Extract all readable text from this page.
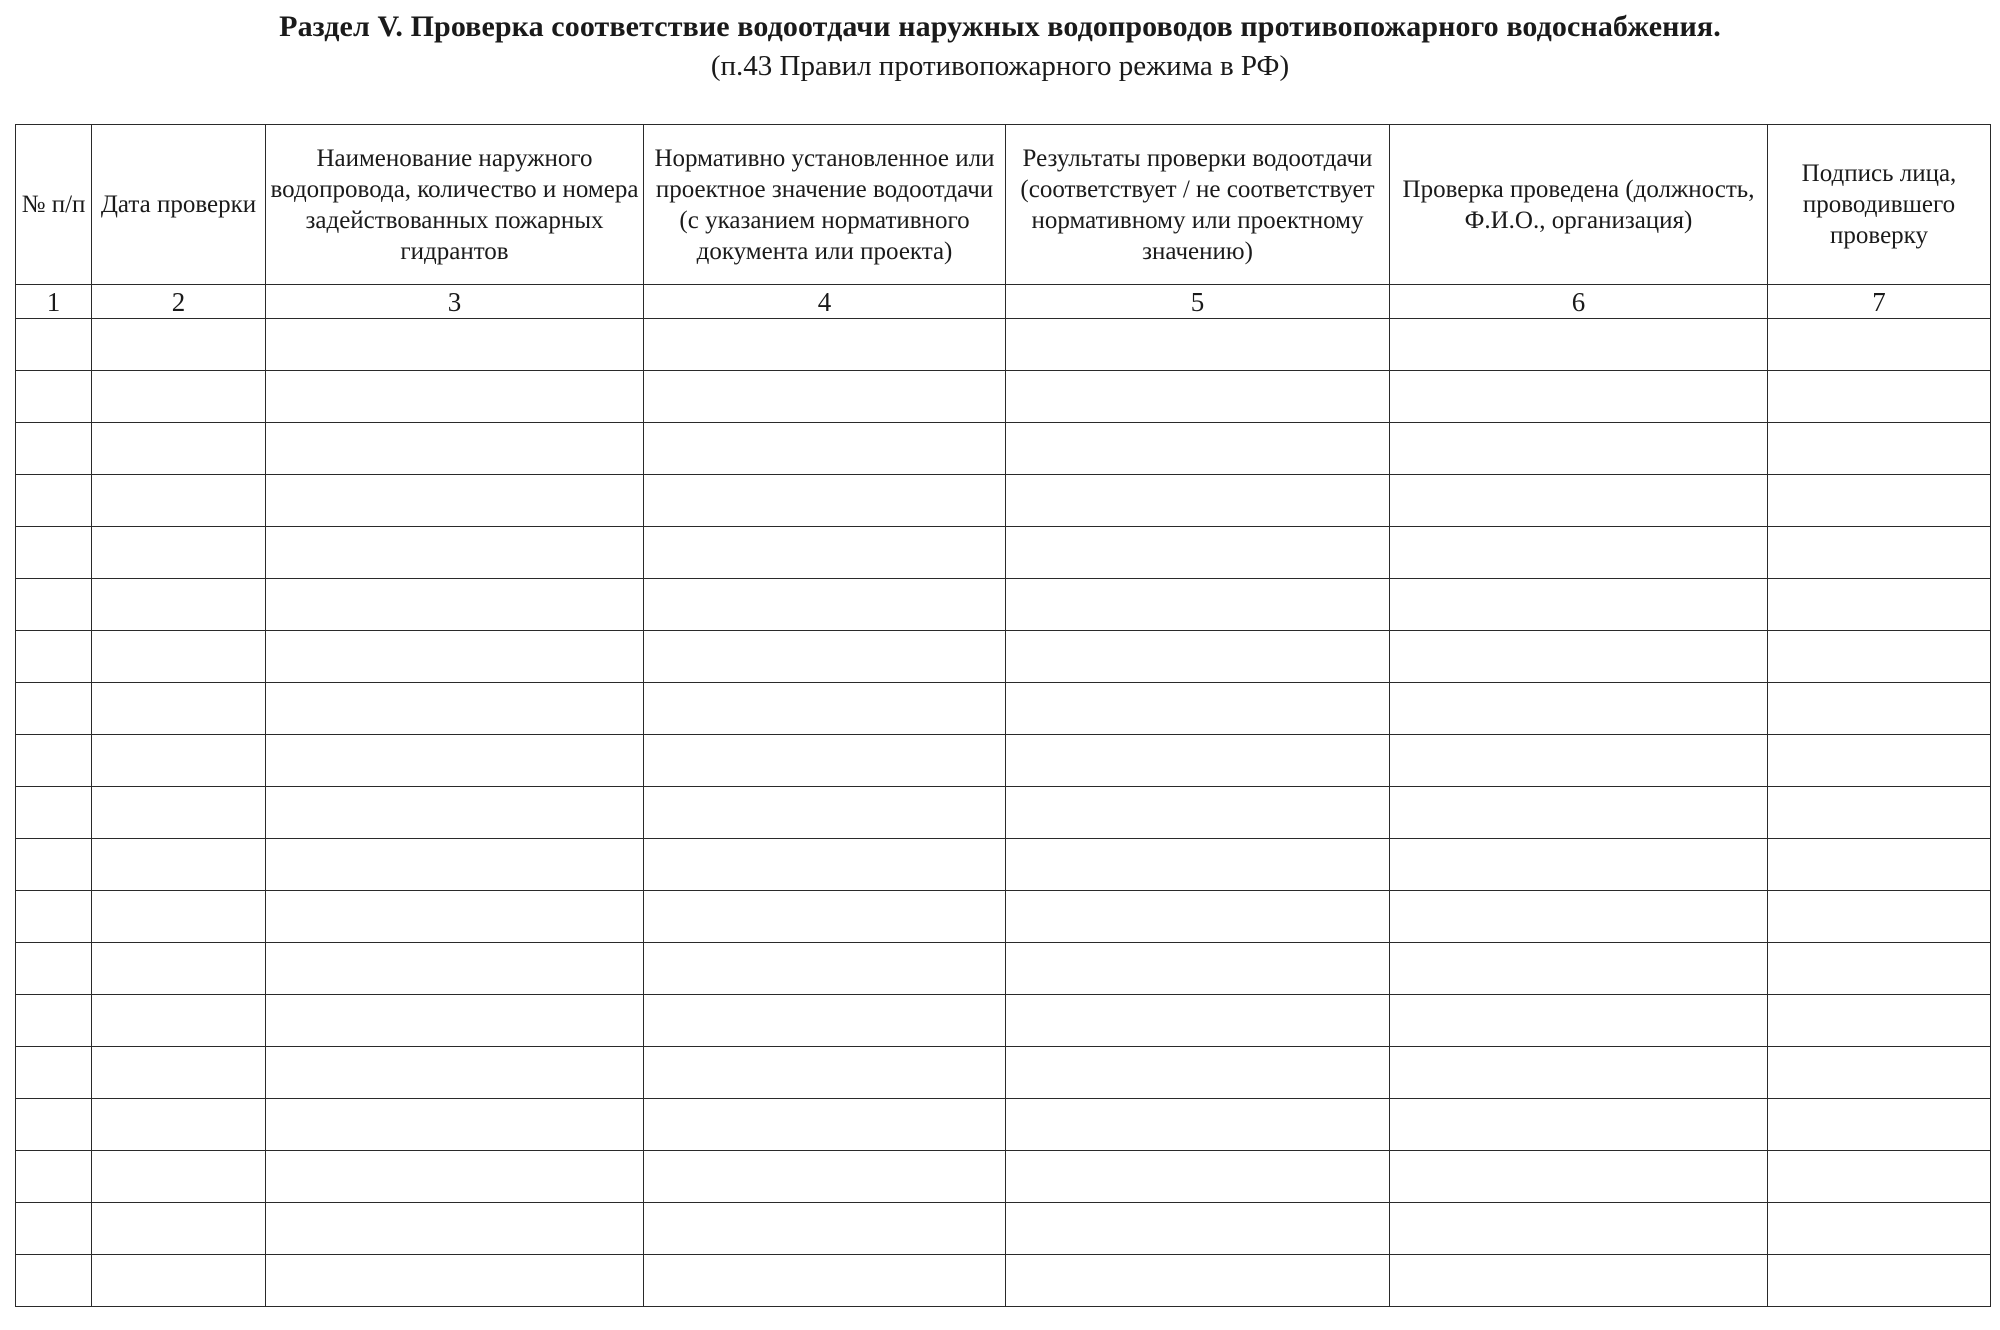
Раздел V. Проверка соответствие водоотдачи наружных водопроводов противопожарного водоснабжения.
(п.43 Правил противопожарного режима в РФ)
№ п/п	Дата проверки	Наименование наружного водопровода, количество и номера задействованных пожарных гидрантов	Нормативно установленное или проектное значение водоотдачи (с указанием нормативного документа или проекта)	Результаты проверки водоотдачи (соответствует / не соответствует нормативному или проектному значению)	Проверка проведена (должность, Ф.И.О., организация)	Подпись лица, проводившего проверку
1	2	3	4	5	6	7
